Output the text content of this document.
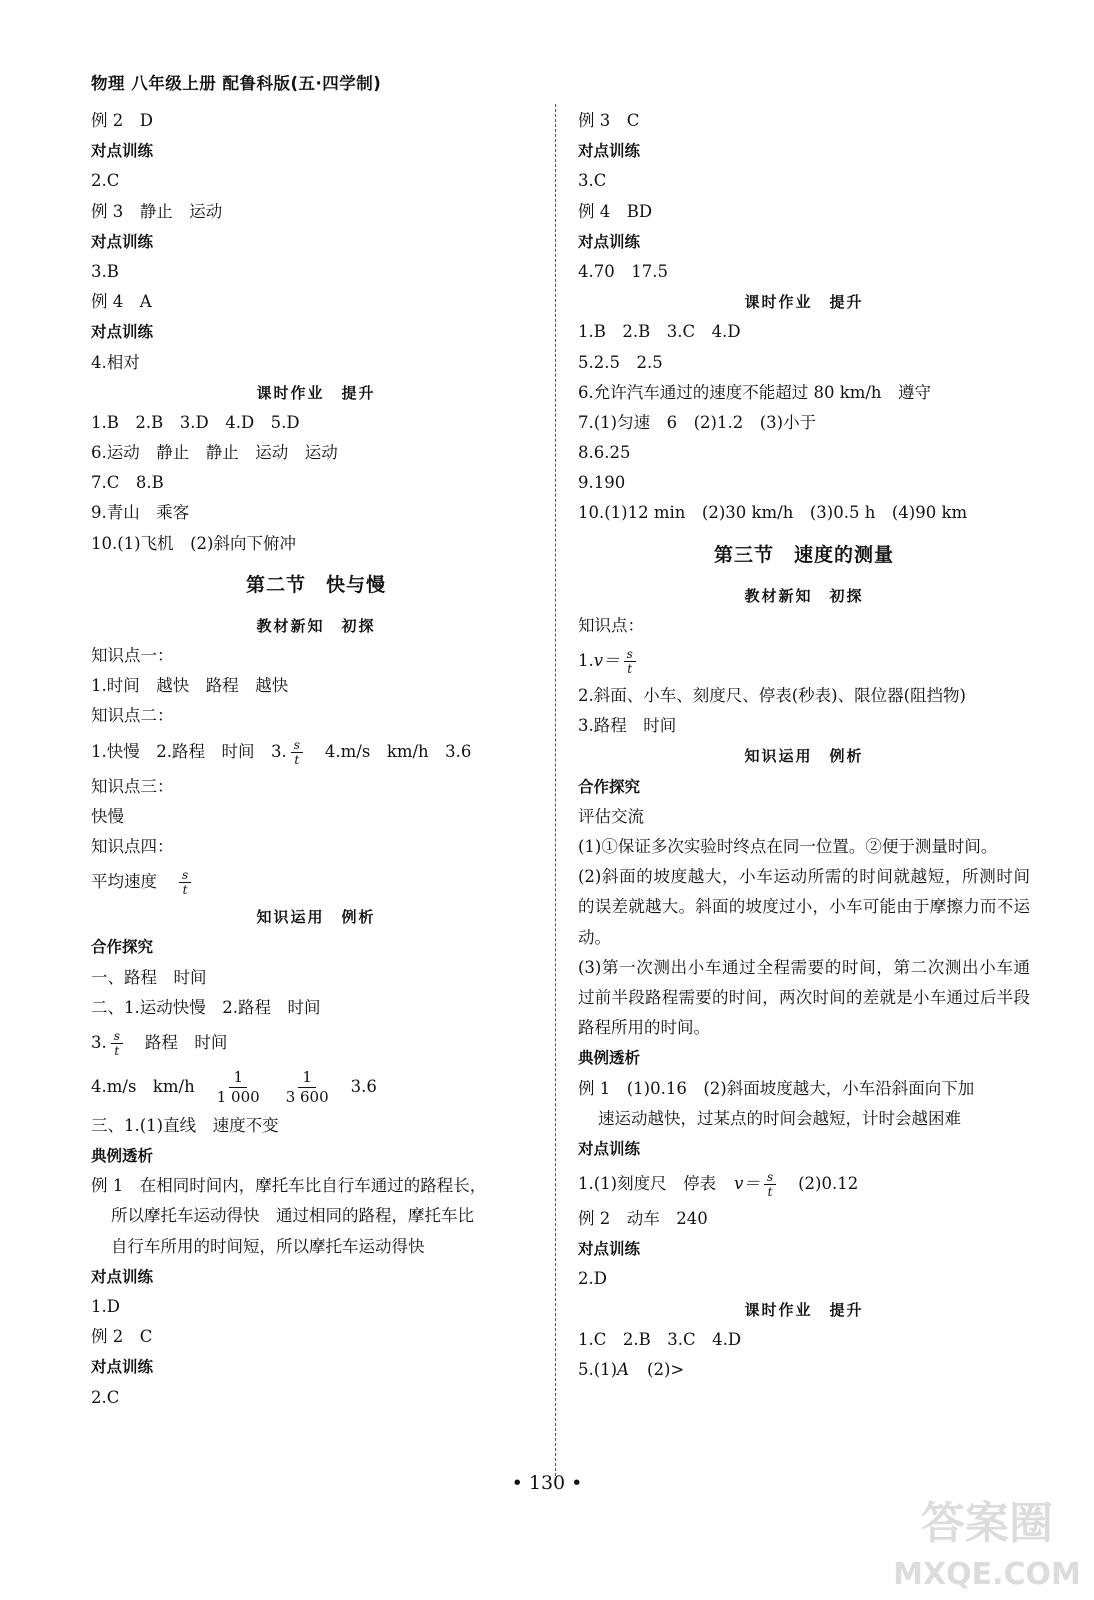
物理 八年级上册 配鲁科版(五·四学制)
例 2　D
对点训练
2.C
例 3　静止　运动
对点训练
3.B
例 4　A
对点训练
4.相对
课时作业　提升
1.B　2.B　3.D　4.D　5.D
6.运动　静止　静止　运动　运动
7.C　8.B
9.青山　乘客
10.(1)飞机　(2)斜向下俯冲
第二节　快与慢
教材新知　初探
知识点一：
1.时间　越快　路程　越快
知识点二：
1.快慢　2.路程　时间　3. $\frac{s}{t} 4.m/s$　km/h　3.6
知识点三：
快慢
知识点四：
平均速度 $\frac{s}{t}$
知识运用　例析
合作探究
一、路程　时间
二、1.运动快慢　2.路程　时间
3. $\frac{s}{t}$ 路程　时间
4.m/s　$km/h \frac{1}{1 000} \frac{1}{3 600} 3.6$
三、1.(1)直线　速度不变
典例透析
例 1　在相同时间内，摩托车比自行车通过的路程长，
所以摩托车运动得快　通过相同的路程，摩托车比
自行车所用的时间短，所以摩托车运动得快
对点训练
1.D
例 2　C
对点训练
2.C
例 3　C
对点训练
3.C
例 4　BD
对点训练
4.70　17.5
课时作业　提升
1.B　2.B　3.C　4.D
5.2.5　2.5
6.允许汽车通过的速度不能超过 80 km/h　遵守
7.(1)匀速　6　(2)1.2　(3)小于
8.6.25
9.190
10.(1)12 min　(2)30 km/h　(3)0.5 h　(4)90 km
第三节　速度的测量
教材新知　初探
知识点：
$1.v= \frac{s}{t}$
2.斜面、小车、刻度尺、停表(秒表)、限位器(阻挡物)
3.路程　时间
知识运用　例析
合作探究
评估交流
(1)①保证多次实验时终点在同一位置。②便于测量时间。
(2)斜面的坡度越大，小车运动所需的时间就越短，所测时间的误差就越大。斜面的坡度过小，小车可能由于摩擦力而不运动。
(3)第一次测出小车通过全程需要的时间，第二次测出小车通过前半段路程需要的时间，两次时间的差就是小车通过后半段路程所用的时间。
典例透析
例 1　(1)0.16　(2)斜面坡度越大，小车沿斜面向下加
速运动越快，过某点的时间会越短，计时会越困难
对点训练
1.(1)刻度尺　停表 $v= \frac{s}{t} (2)0.12$
例 2　动车　240
对点训练
2.D
课时作业　提升
1.C　2.B　3.C　4.D
5.(1)A (2)>
• 130 •
答案圈
MXQE.COM
